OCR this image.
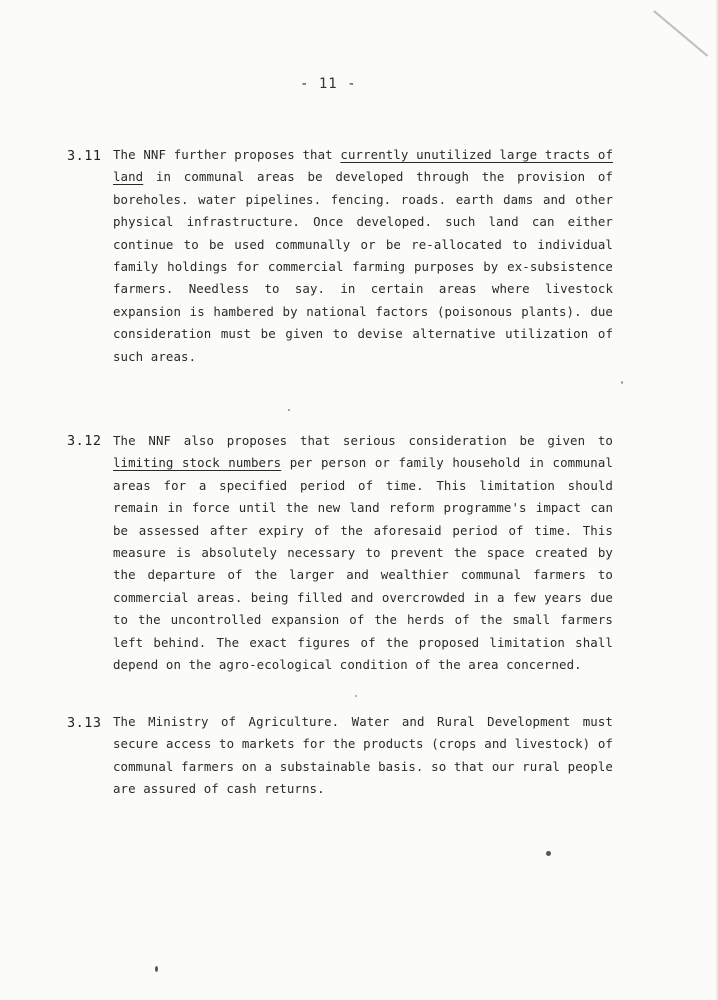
- 11 -
3.11 The NNF further proposes that currently unutilized large tracts of
land in communal areas be developed through the provision of
boreholes. water pipelines. fencing. roads. earth dams and other
physical infrastructure. Once developed. such land can either
continue to be used communally or be re-allocated to individual
family holdings for commercial farming purposes by ex-subsistence
farmers. Needless to say. in certain areas where livestock
expansion is hambered by national factors (poisonous plants). due
consideration must be given to devise alternative utilization of
such areas.
3.12 The NNF also proposes that serious consideration be given to
limiting stock numbers per person or family household in communal
areas for a specified period of time. This limitation should
remain in force until the new land reform programme's impact can
be assessed after expiry of the aforesaid period of time. This
measure is absolutely necessary to prevent the space created by
the departure of the larger and wealthier communal farmers to
commercial areas. being filled and overcrowded in a few years due
to the uncontrolled expansion of the herds of the small farmers
left behind. The exact figures of the proposed limitation shall
depend on the agro-ecological condition of the area concerned.
3.13 The Ministry of Agriculture. Water and Rural Development must
secure access to markets for the products (crops and livestock) of
communal farmers on a substainable basis. so that our rural people
are assured of cash returns.
